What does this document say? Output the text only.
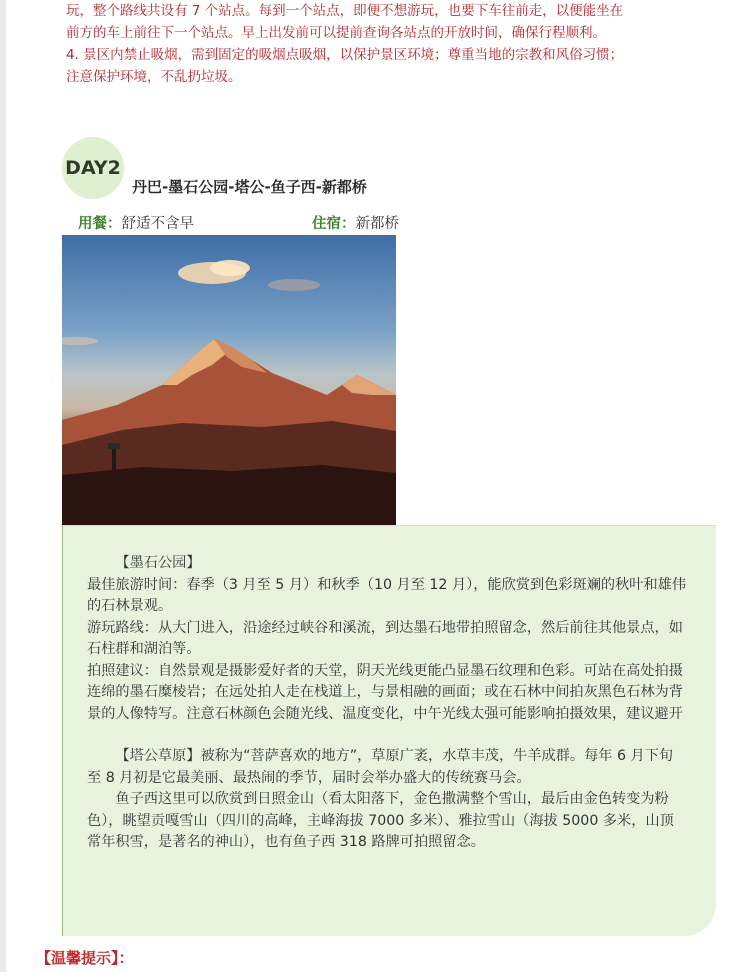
玩，整个路线共设有 7 个站点。每到一个站点，即便不想游玩，也要下车往前走，以便能坐在

前方的车上前往下一个站点。早上出发前可以提前查询各站点的开放时间，确保行程顺利。

4. 景区内禁止吸烟，需到固定的吸烟点吸烟，以保护景区环境；尊重当地的宗教和风俗习惯；

注意保护环境，不乱扔垃圾。

DAY2
丹巴-墨石公园-塔公-鱼子西-新都桥
用餐：舒适不含早	住宿：新都桥

【墨石公园】

最佳旅游时间：春季（3 月至 5 月）和秋季（10 月至 12 月），能欣赏到色彩斑斓的秋叶和雄伟的石林景观。

游玩路线：从大门进入，沿途经过峡谷和溪流，到达墨石地带拍照留念，然后前往其他景点，如石柱群和湖泊等。

拍照建议：自然景观是摄影爱好者的天堂，阴天光线更能凸显墨石纹理和色彩。可站在高处拍摄连绵的墨石糜棱岩；在远处拍人走在栈道上，与景相融的画面；或在石林中间拍灰黑色石林为背景的人像特写。注意石林颜色会随光线、温度变化，中午光线太强可能影响拍摄效果，建议避开

【塔公草原】被称为“菩萨喜欢的地方”，草原广袤，水草丰茂，牛羊成群。每年 6 月下旬至 8 月初是它最美丽、最热闹的季节，届时会举办盛大的传统赛马会。

鱼子西这里可以欣赏到日照金山（看太阳落下，金色撒满整个雪山，最后由金色转变为粉色），眺望贡嘎雪山（四川的高峰，主峰海拔 7000 多米）、雅拉雪山（海拔 5000 多米，山顶常年积雪，是著名的神山），也有鱼子西 318 路牌可拍照留念。

【温馨提示】：
